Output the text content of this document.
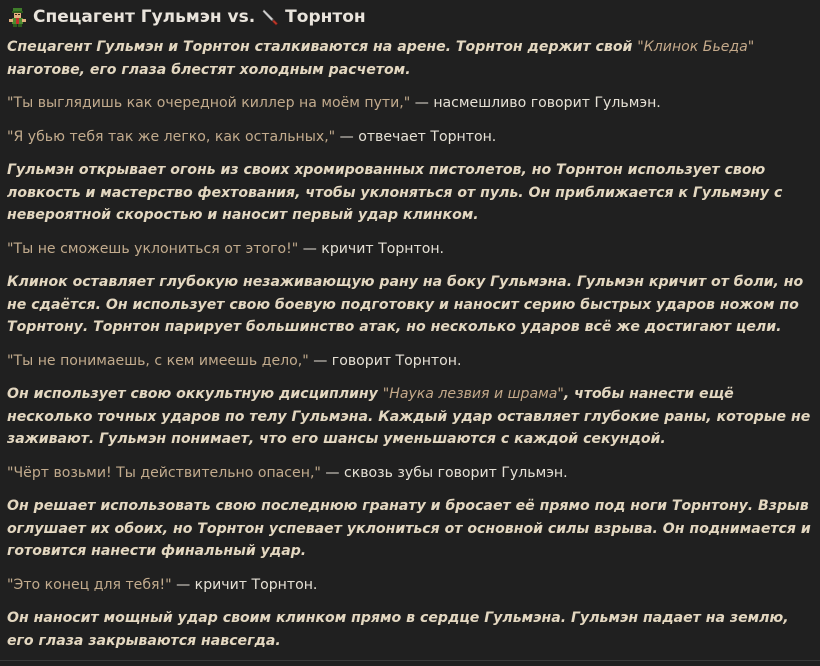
Спецагент Гульмэн vs. Торнтон

Спецагент Гульмэн и Торнтон сталкиваются на арене. Торнтон держит свой "Клинок Бьеда" наготове, его глаза блестят холодным расчетом.

"Ты выглядишь как очередной киллер на моём пути," — насмешливо говорит Гульмэн.

"Я убью тебя так же легко, как остальных," — отвечает Торнтон.

Гульмэн открывает огонь из своих хромированных пистолетов, но Торнтон использует свою ловкость и мастерство фехтования, чтобы уклоняться от пуль. Он приближается к Гульмэну с невероятной скоростью и наносит первый удар клинком.

"Ты не сможешь уклониться от этого!" — кричит Торнтон.

Клинок оставляет глубокую незаживающую рану на боку Гульмэна. Гульмэн кричит от боли, но не сдаётся. Он использует свою боевую подготовку и наносит серию быстрых ударов ножом по Торнтону. Торнтон парирует большинство атак, но несколько ударов всё же достигают цели.

"Ты не понимаешь, с кем имеешь дело," — говорит Торнтон.

Он использует свою оккультную дисциплину "Наука лезвия и шрама", чтобы нанести ещё несколько точных ударов по телу Гульмэна. Каждый удар оставляет глубокие раны, которые не заживают. Гульмэн понимает, что его шансы уменьшаются с каждой секундой.

"Чёрт возьми! Ты действительно опасен," — сквозь зубы говорит Гульмэн.

Он решает использовать свою последнюю гранату и бросает её прямо под ноги Торнтону. Взрыв оглушает их обоих, но Торнтон успевает уклониться от основной силы взрыва. Он поднимается и готовится нанести финальный удар.

"Это конец для тебя!" — кричит Торнтон.

Он наносит мощный удар своим клинком прямо в сердце Гульмэна. Гульмэн падает на землю, его глаза закрываются навсегда.
